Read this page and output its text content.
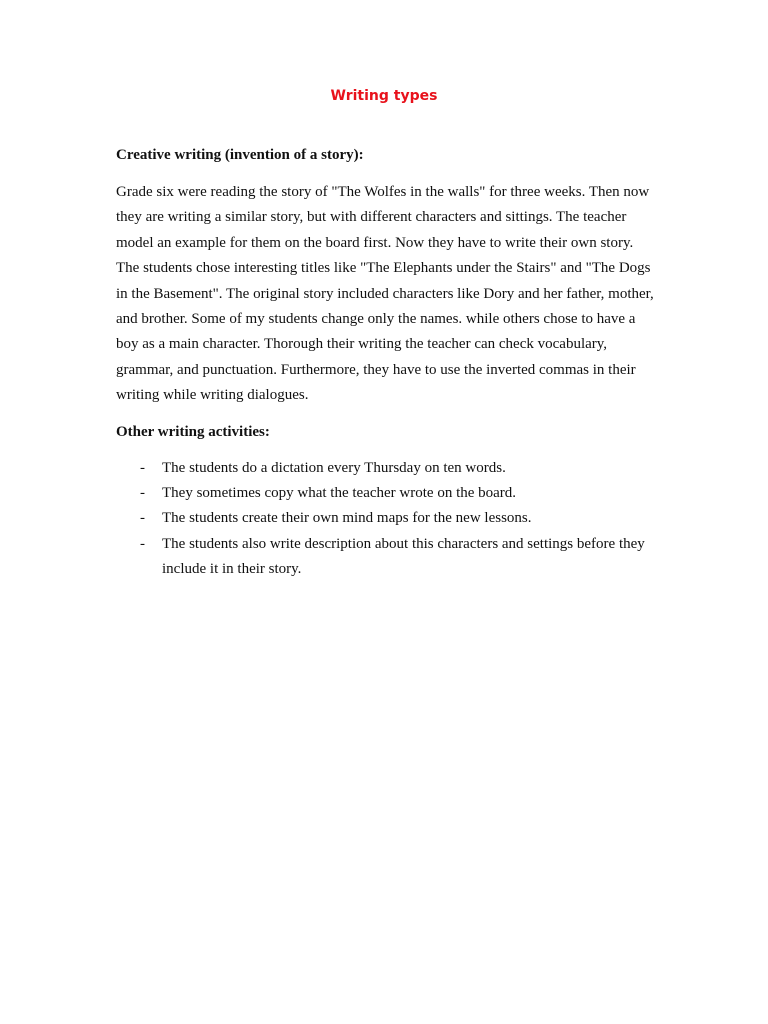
Writing types

Creative writing (invention of a story):

Grade six were reading the story of "The Wolfes in the walls" for three weeks. Then now they are writing a similar story, but with different characters and sittings. The teacher model an example for them on the board first. Now they have to write their own story. The students chose interesting titles like "The Elephants under the Stairs" and "The Dogs in the Basement". The original story included characters like Dory and her father, mother, and brother. Some of my students change only the names. while others chose to have a boy as a main character. Thorough their writing the teacher can check vocabulary, grammar, and punctuation. Furthermore, they have to use the inverted commas in their writing while writing dialogues.

Other writing activities:

- The students do a dictation every Thursday on ten words.
- They sometimes copy what the teacher wrote on the board.
- The students create their own mind maps for the new lessons.
- The students also write description about this characters and settings before they include it in their story.
